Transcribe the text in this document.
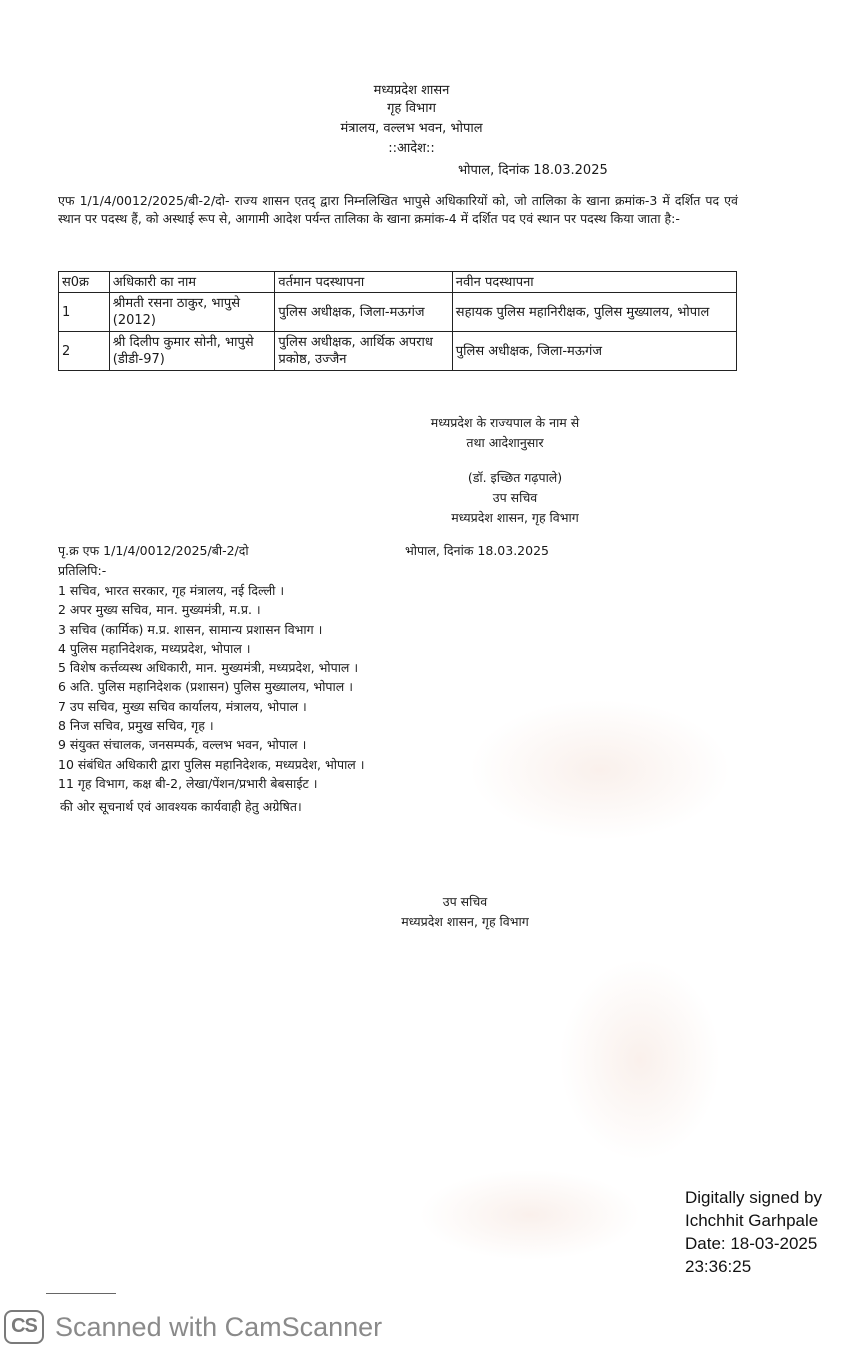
मध्यप्रदेश शासन
गृह विभाग
मंत्रालय, वल्लभ भवन, भोपाल
::आदेश::
भोपाल, दिनांक 18.03.2025
एफ 1/1/4/0012/2025/बी-2/दो- राज्य शासन एतद् द्वारा निम्नलिखित भापुसे अधिकारियों को, जो तालिका के खाना क्रमांक-3 में दर्शित पद एवं स्थान पर पदस्थ हैं, को अस्थाई रूप से, आगामी आदेश पर्यन्त तालिका के खाना क्रमांक-4 में दर्शित पद एवं स्थान पर पदस्थ किया जाता है:-
स0क्र	अधिकारी का नाम	वर्तमान पदस्थापना	नवीन पदस्थापना
1	श्रीमती रसना ठाकुर, भापुसे (2012)	पुलिस अधीक्षक, जिला-मऊगंज	सहायक पुलिस महानिरीक्षक, पुलिस मुख्यालय, भोपाल
2	श्री दिलीप कुमार सोनी, भापुसे (डीडी-97)	पुलिस अधीक्षक, आर्थिक अपराध प्रकोष्ठ, उज्जैन	पुलिस अधीक्षक, जिला-मऊगंज
मध्यप्रदेश के राज्यपाल के नाम से
तथा आदेशानुसार
(डॉ. इच्छित गढ़पाले)
उप सचिव
मध्यप्रदेश शासन, गृह विभाग
पृ.क्र एफ 1/1/4/0012/2025/बी-2/दो	भोपाल, दिनांक 18.03.2025
प्रतिलिपि:-
1 सचिव, भारत सरकार, गृह मंत्रालय, नई दिल्ली ।
2 अपर मुख्य सचिव, मान. मुख्यमंत्री, म.प्र. ।
3 सचिव (कार्मिक) म.प्र. शासन, सामान्य प्रशासन विभाग ।
4 पुलिस महानिदेशक, मध्यप्रदेश, भोपाल ।
5 विशेष कर्त्तव्यस्थ अधिकारी, मान. मुख्यमंत्री, मध्यप्रदेश, भोपाल ।
6 अति. पुलिस महानिदेशक (प्रशासन) पुलिस मुख्यालय, भोपाल ।
7 उप सचिव, मुख्य सचिव कार्यालय, मंत्रालय, भोपाल ।
8 निज सचिव, प्रमुख सचिव, गृह ।
9 संयुक्त संचालक, जनसम्पर्क, वल्लभ भवन, भोपाल ।
10 संबंधित अधिकारी द्वारा पुलिस महानिदेशक, मध्यप्रदेश, भोपाल ।
11 गृह विभाग, कक्ष बी-2, लेखा/पेंशन/प्रभारी बेबसाईट ।
की ओर सूचनार्थ एवं आवश्यक कार्यवाही हेतु अग्रेषित।
उप सचिव
मध्यप्रदेश शासन, गृह विभाग
Digitally signed by
Ichchhit Garhpale
Date: 18-03-2025
23:36:25
CS Scanned with CamScanner
